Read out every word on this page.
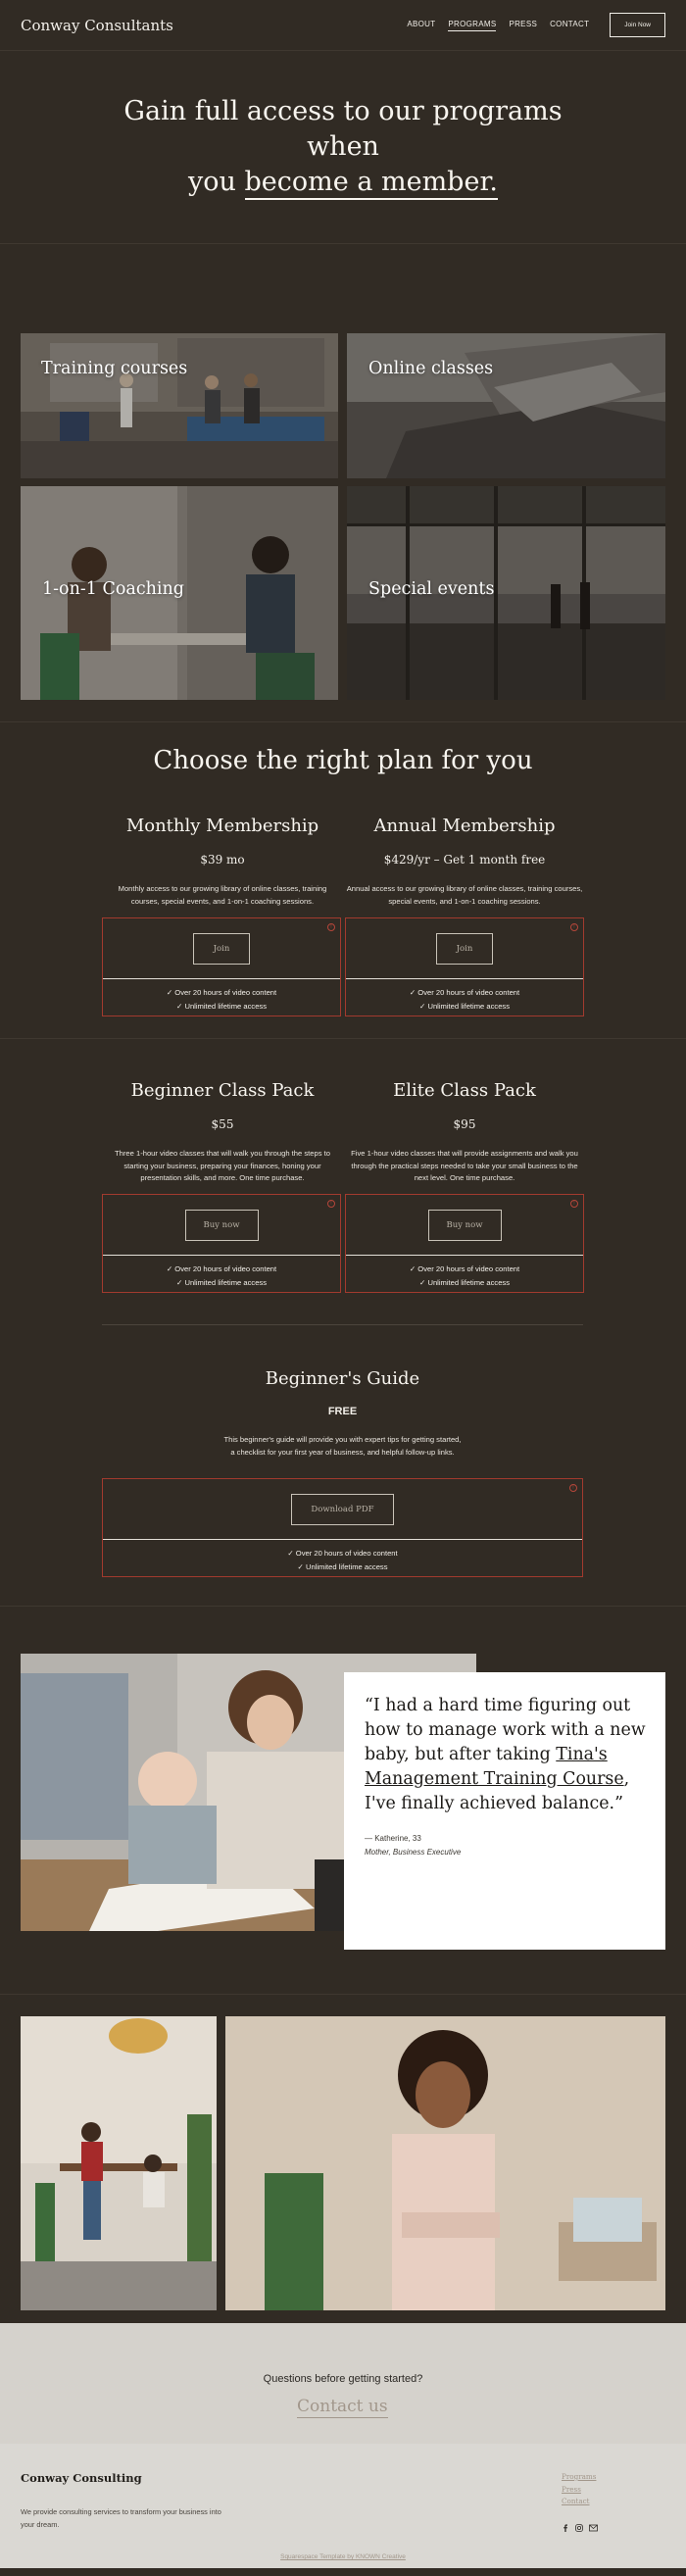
Conway Consultants	ABOUT PROGRAMS PRESS CONTACT	Join Now
Gain full access to our programs when
you become a member.
Training courses	Online classes
1-on-1 Coaching	Special events
Choose the right plan for you
Monthly Membership
$39 mo
Monthly access to our growing library of online classes, training courses, special events, and 1-on-1 coaching sessions.
!
Join
✓ Over 20 hours of video content
✓ Unlimited lifetime access
Annual Membership
$429/yr – Get 1 month free
Annual access to our growing library of online classes, training courses, special events, and 1-on-1 coaching sessions.
!
Join
✓ Over 20 hours of video content
✓ Unlimited lifetime access
Beginner Class Pack
$55
Three 1-hour video classes that will walk you through the steps to starting your business, preparing your finances, honing your presentation skills, and more. One time purchase.
!
Buy now
✓ Over 20 hours of video content
✓ Unlimited lifetime access
Elite Class Pack
$95
Five 1-hour video classes that will provide assignments and walk you through the practical steps needed to take your small business to the next level. One time purchase.
!
Buy now
✓ Over 20 hours of video content
✓ Unlimited lifetime access
Beginner's Guide
FREE
This beginner's guide will provide you with expert tips for getting started,
a checklist for your first year of business, and helpful follow-up links.
!
Download PDF
✓ Over 20 hours of video content
✓ Unlimited lifetime access
“I had a hard time figuring out how to manage work with a new baby, but after taking Tina's Management Training Course, I've finally achieved balance.”
— Katherine, 33
Mother, Business Executive
Questions before getting started?
Contact us
Conway Consulting
We provide consulting services to transform your business into your dream.
Programs
Press
Contact
Squarespace Template by KNOWN Creative
